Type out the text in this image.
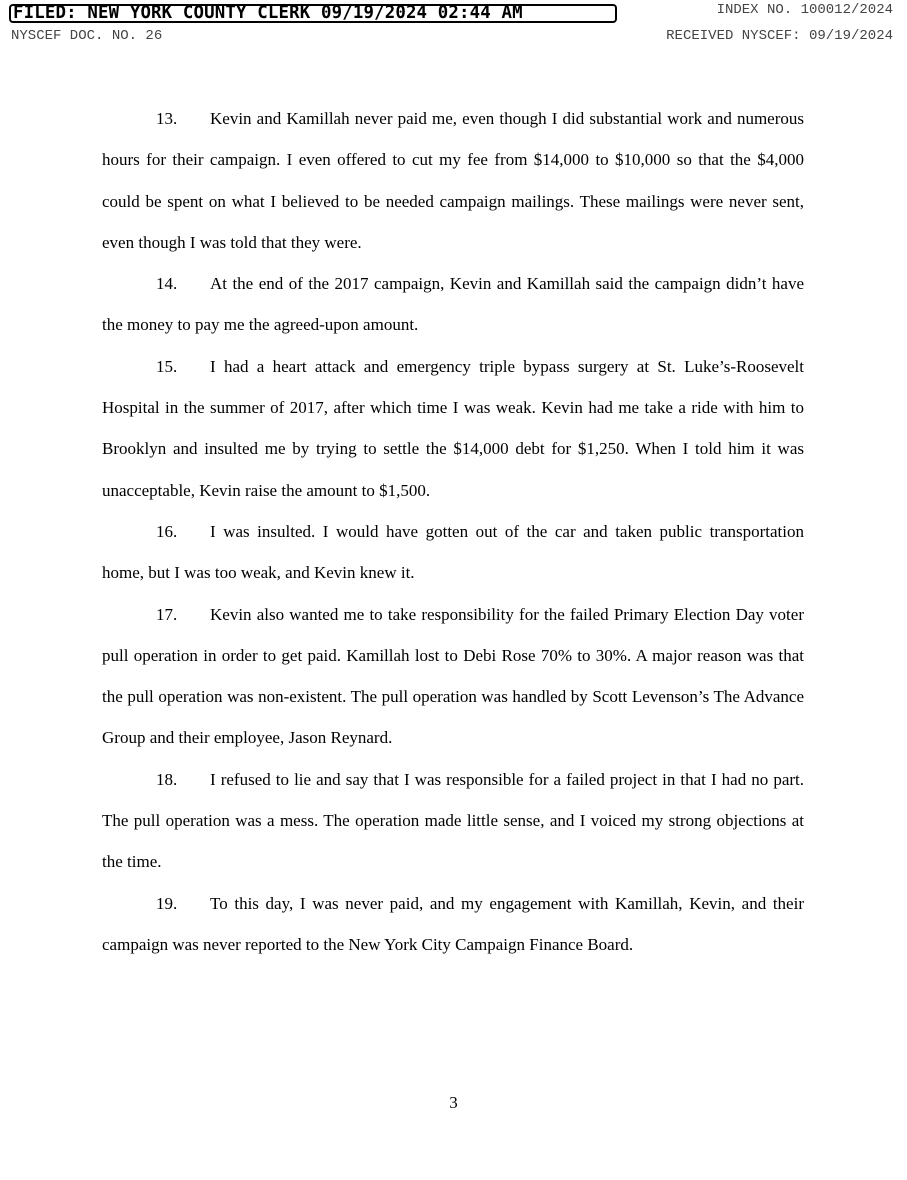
FILED: NEW YORK COUNTY CLERK 09/19/2024 02:44 AM	INDEX NO. 100012/2024
NYSCEF DOC. NO. 26	RECEIVED NYSCEF: 09/19/2024

13. Kevin and Kamillah never paid me, even though I did substantial work and numerous hours for their campaign. I even offered to cut my fee from $14,000 to $10,000 so that the $4,000 could be spent on what I believed to be needed campaign mailings. These mailings were never sent, even though I was told that they were.

14. At the end of the 2017 campaign, Kevin and Kamillah said the campaign didn’t have the money to pay me the agreed-upon amount.

15. I had a heart attack and emergency triple bypass surgery at St. Luke’s-Roosevelt Hospital in the summer of 2017, after which time I was weak. Kevin had me take a ride with him to Brooklyn and insulted me by trying to settle the $14,000 debt for $1,250. When I told him it was unacceptable, Kevin raise the amount to $1,500.

16. I was insulted. I would have gotten out of the car and taken public transportation home, but I was too weak, and Kevin knew it.

17. Kevin also wanted me to take responsibility for the failed Primary Election Day voter pull operation in order to get paid. Kamillah lost to Debi Rose 70% to 30%. A major reason was that the pull operation was non-existent. The pull operation was handled by Scott Levenson’s The Advance Group and their employee, Jason Reynard.

18. I refused to lie and say that I was responsible for a failed project in that I had no part. The pull operation was a mess. The operation made little sense, and I voiced my strong objections at the time.

19. To this day, I was never paid, and my engagement with Kamillah, Kevin, and their campaign was never reported to the New York City Campaign Finance Board.

3
